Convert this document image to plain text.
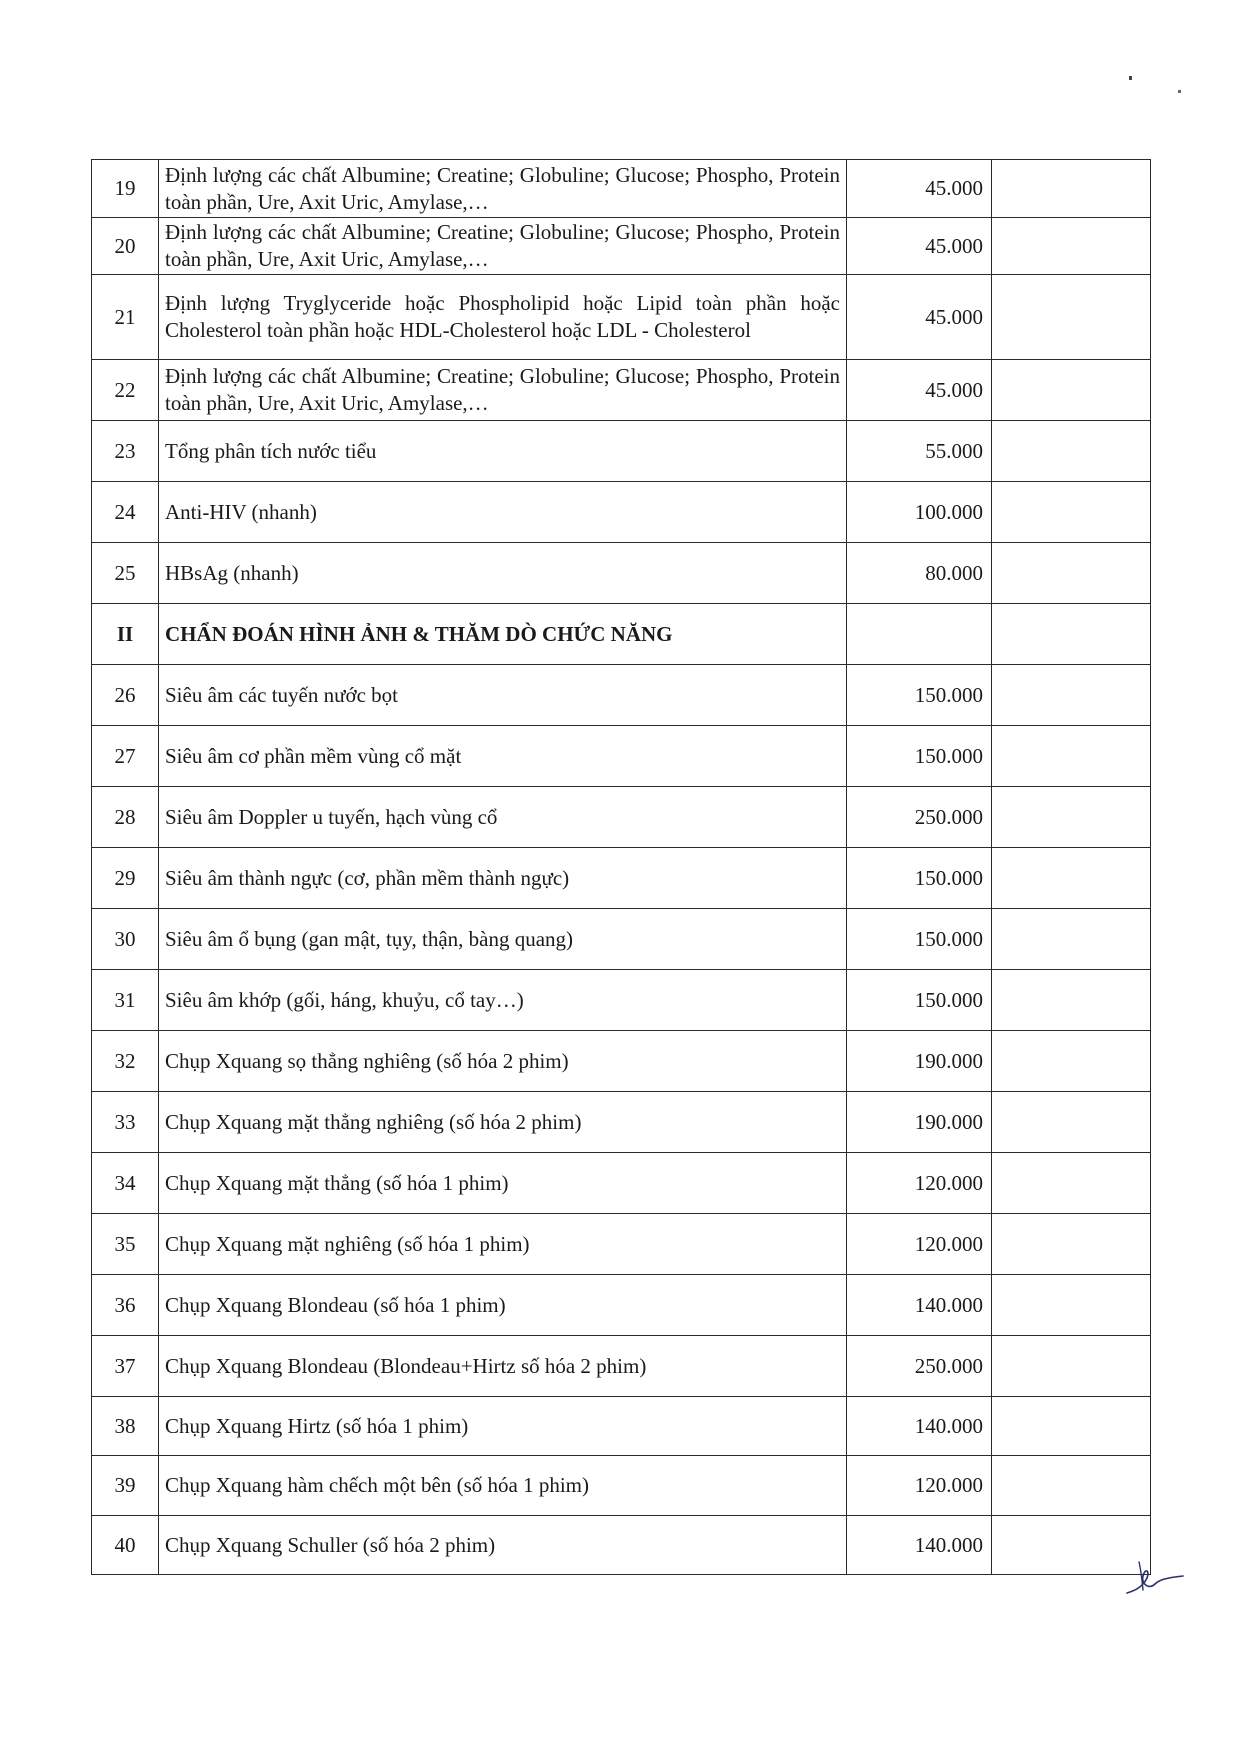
19	Định lượng các chất Albumine; Creatine; Globuline; Glucose; Phospho, Protein toàn phần, Ure, Axit Uric, Amylase,…	45.000	
20	Định lượng các chất Albumine; Creatine; Globuline; Glucose; Phospho, Protein toàn phần, Ure, Axit Uric, Amylase,…	45.000	
21	Định lượng Tryglyceride hoặc Phospholipid hoặc Lipid toàn phần hoặc Cholesterol toàn phần hoặc HDL-Cholesterol hoặc LDL - Cholesterol	45.000	
22	Định lượng các chất Albumine; Creatine; Globuline; Glucose; Phospho, Protein toàn phần, Ure, Axit Uric, Amylase,…	45.000	
23	Tổng phân tích nước tiểu	55.000	
24	Anti-HIV (nhanh)	100.000	
25	HBsAg (nhanh)	80.000	
II	CHẨN ĐOÁN HÌNH ẢNH & THĂM DÒ CHỨC NĂNG		
26	Siêu âm các tuyến nước bọt	150.000	
27	Siêu âm cơ phần mềm vùng cổ mặt	150.000	
28	Siêu âm Doppler u tuyến, hạch vùng cổ	250.000	
29	Siêu âm thành ngực (cơ, phần mềm thành ngực)	150.000	
30	Siêu âm ổ bụng (gan mật, tụy, thận, bàng quang)	150.000	
31	Siêu âm khớp (gối, háng, khuỷu, cổ tay…)	150.000	
32	Chụp Xquang sọ thẳng nghiêng (số hóa 2 phim)	190.000	
33	Chụp Xquang mặt thẳng nghiêng (số hóa 2 phim)	190.000	
34	Chụp Xquang mặt thẳng (số hóa 1 phim)	120.000	
35	Chụp Xquang mặt nghiêng (số hóa 1 phim)	120.000	
36	Chụp Xquang Blondeau (số hóa 1 phim)	140.000	
37	Chụp Xquang Blondeau (Blondeau+Hirtz số hóa 2 phim)	250.000	
38	Chụp Xquang Hirtz (số hóa 1 phim)	140.000	
39	Chụp Xquang hàm chếch một bên (số hóa 1 phim)	120.000	
40	Chụp Xquang Schuller (số hóa 2 phim)	140.000	
